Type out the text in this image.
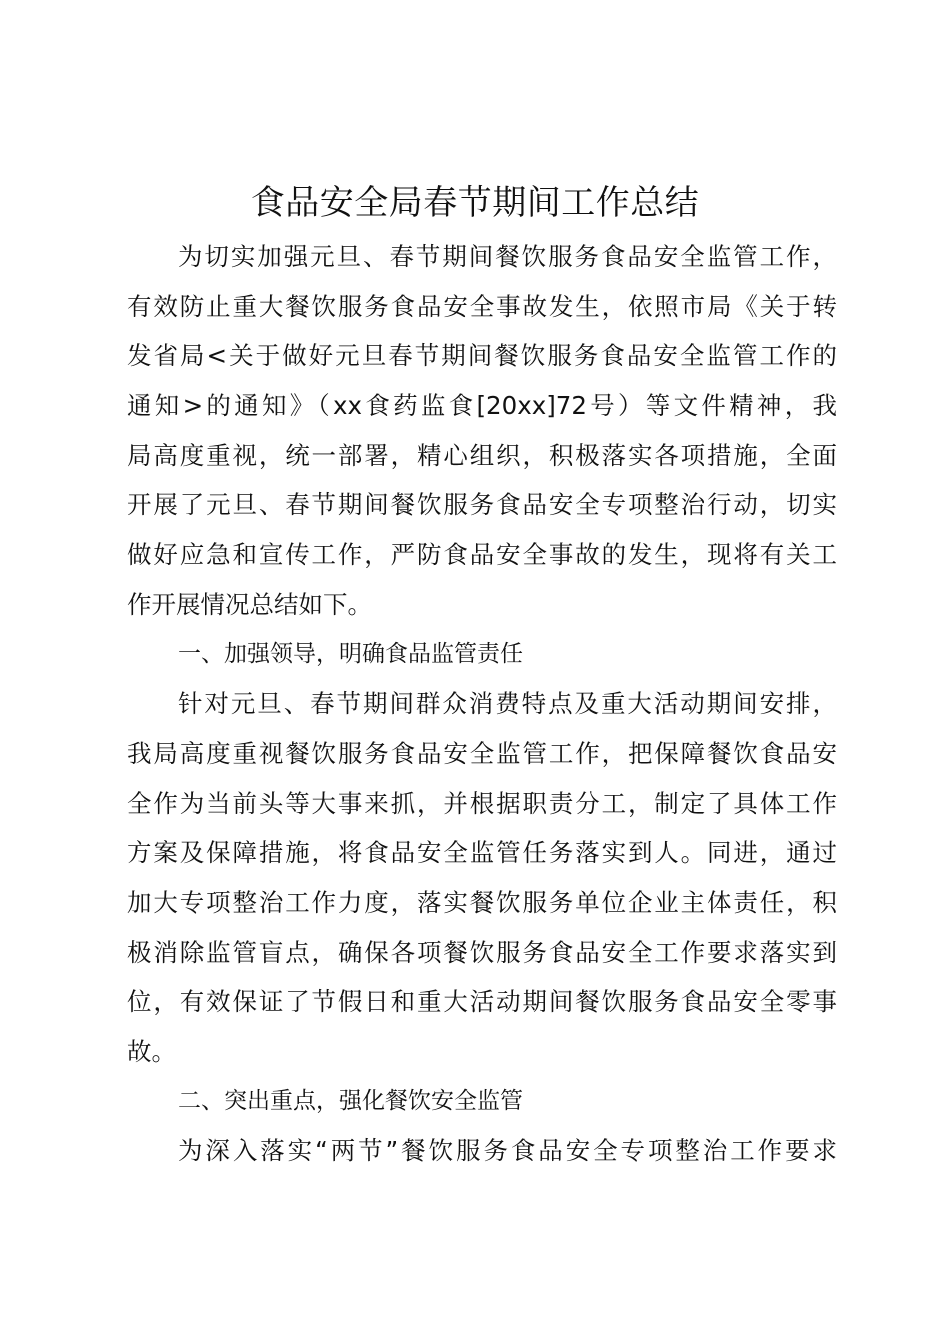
食品安全局春节期间工作总结
为切实加强元旦、春节期间餐饮服务食品安全监管工作，
有效防止重大餐饮服务食品安全事故发生，依照市局《关于转
发省局<关于做好元旦春节期间餐饮服务食品安全监管工作的
通知>的通知》（xx食药监食[20xx]72号）等文件精神，我
局高度重视，统一部署，精心组织，积极落实各项措施，全面
开展了元旦、春节期间餐饮服务食品安全专项整治行动，切实
做好应急和宣传工作，严防食品安全事故的发生，现将有关工
作开展情况总结如下。
一、加强领导，明确食品监管责任
针对元旦、春节期间群众消费特点及重大活动期间安排，
我局高度重视餐饮服务食品安全监管工作，把保障餐饮食品安
全作为当前头等大事来抓，并根据职责分工，制定了具体工作
方案及保障措施，将食品安全监管任务落实到人。同进，通过
加大专项整治工作力度，落实餐饮服务单位企业主体责任，积
极消除监管盲点，确保各项餐饮服务食品安全工作要求落实到
位，有效保证了节假日和重大活动期间餐饮服务食品安全零事
故。
二、突出重点，强化餐饮安全监管
为深入落实“两节”餐饮服务食品安全专项整治工作要求
